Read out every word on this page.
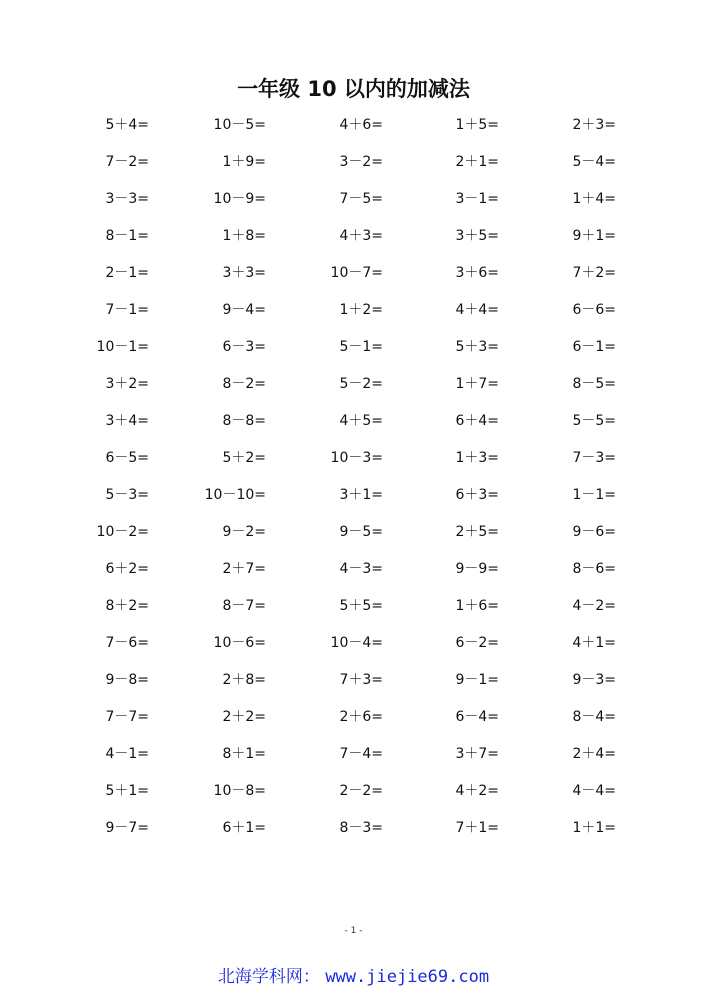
一年级 10 以内的加减法
5＋4=	10－5=	4＋6=	1＋5=	2＋3=
7－2=	1＋9=	3－2=	2＋1=	5－4=
3－3=	10－9=	7－5=	3－1=	1＋4=
8－1=	1＋8=	4＋3=	3＋5=	9＋1=
2－1=	3＋3=	10－7=	3＋6=	7＋2=
7－1=	9－4=	1＋2=	4＋4=	6－6=
10－1=	6－3=	5－1=	5＋3=	6－1=
3＋2=	8－2=	5－2=	1＋7=	8－5=
3＋4=	8－8=	4＋5=	6＋4=	5－5=
6－5=	5＋2=	10－3=	1＋3=	7－3=
5－3=	10－10=	3＋1=	6＋3=	1－1=
10－2=	9－2=	9－5=	2＋5=	9－6=
6＋2=	2＋7=	4－3=	9－9=	8－6=
8＋2=	8－7=	5＋5=	1＋6=	4－2=
7－6=	10－6=	10－4=	6－2=	4＋1=
9－8=	2＋8=	7＋3=	9－1=	9－3=
7－7=	2＋2=	2＋6=	6－4=	8－4=
4－1=	8＋1=	7－4=	3＋7=	2＋4=
5＋1=	10－8=	2－2=	4＋2=	4－4=
9－7=	6＋1=	8－3=	7＋1=	1＋1=
- 1 -
北海学科网： www.jiejie69.com
